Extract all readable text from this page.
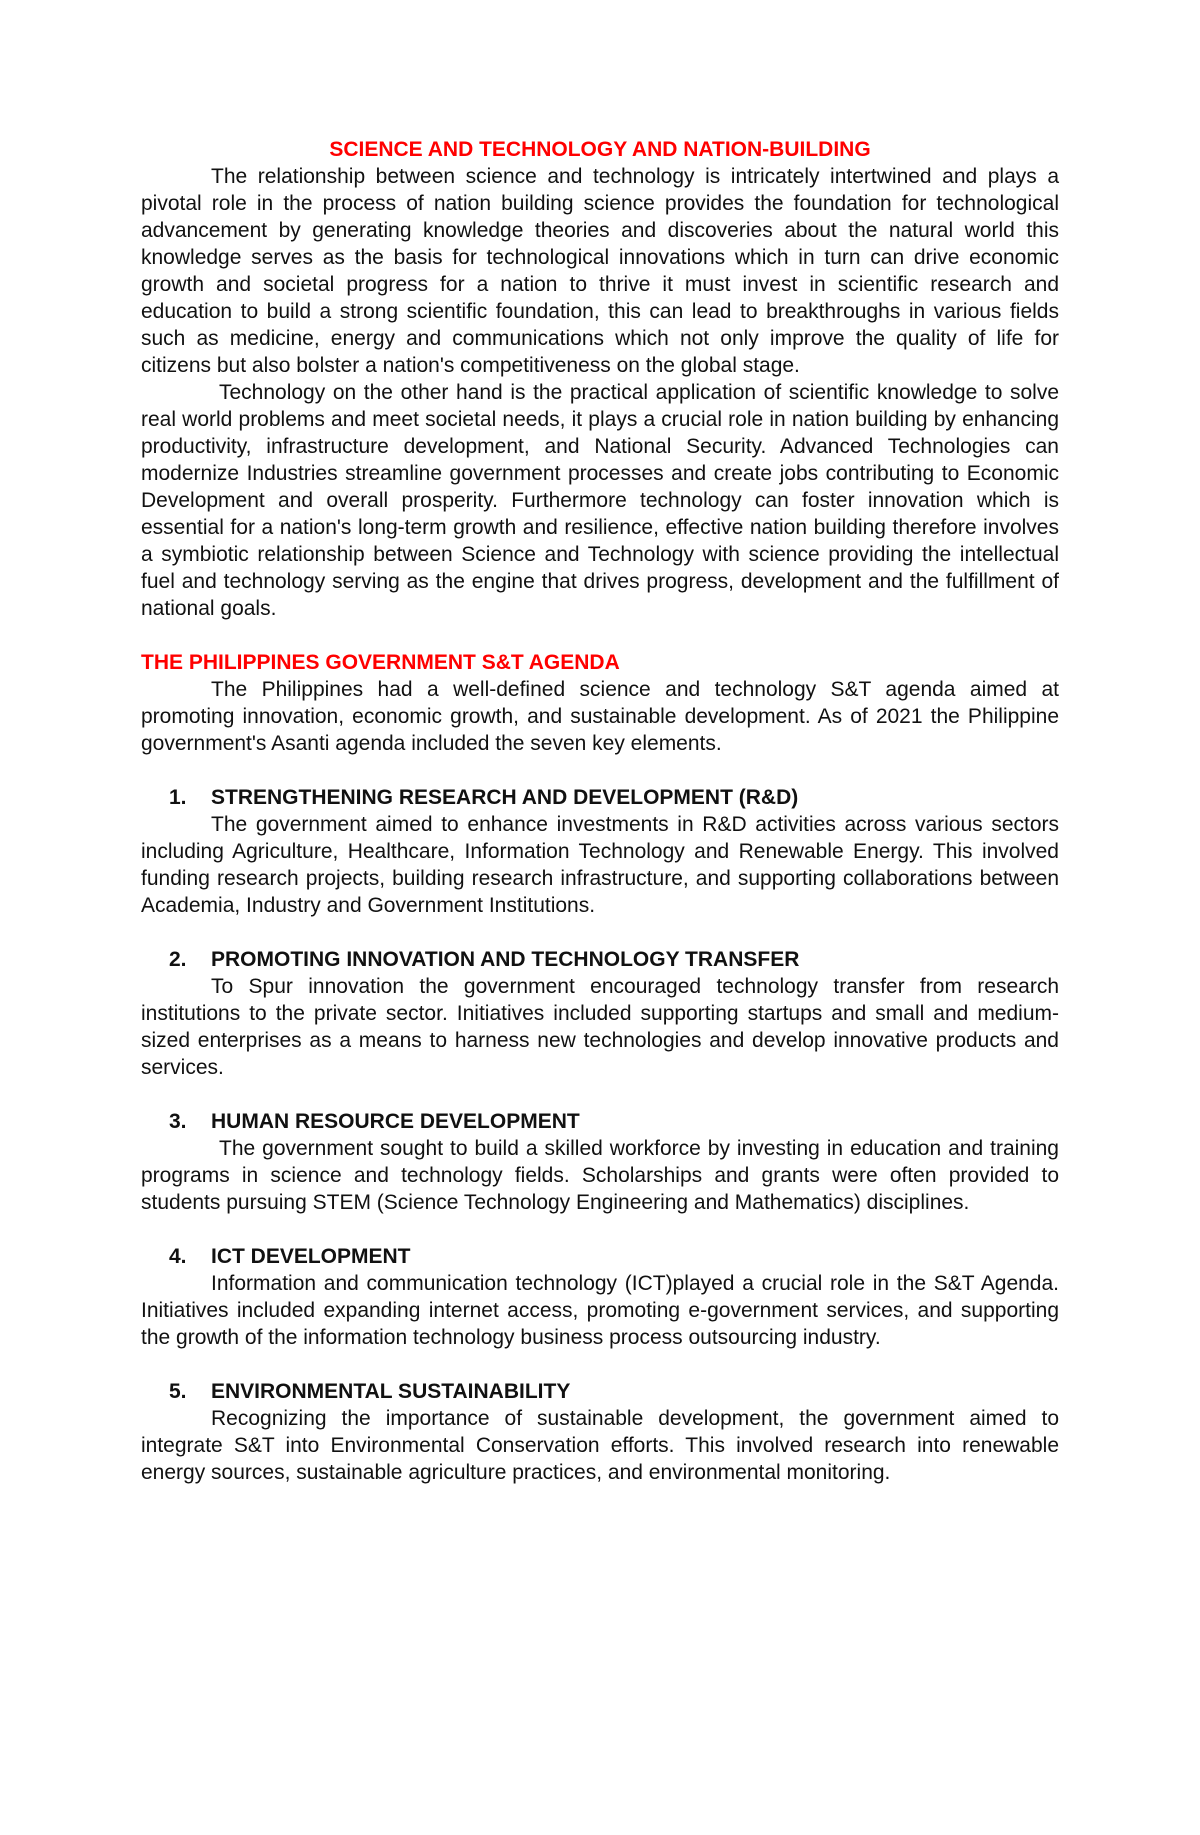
SCIENCE AND TECHNOLOGY AND NATION-BUILDING

The relationship between science and technology is intricately intertwined and plays a pivotal role in the process of nation building science provides the foundation for technological advancement by generating knowledge theories and discoveries about the natural world this knowledge serves as the basis for technological innovations which in turn can drive economic growth and societal progress for a nation to thrive it must invest in scientific research and education to build a strong scientific foundation, this can lead to breakthroughs in various fields such as medicine, energy and communications which not only improve the quality of life for citizens but also bolster a nation's competitiveness on the global stage.

Technology on the other hand is the practical application of scientific knowledge to solve real world problems and meet societal needs, it plays a crucial role in nation building by enhancing productivity, infrastructure development, and National Security. Advanced Technologies can modernize Industries streamline government processes and create jobs contributing to Economic Development and overall prosperity. Furthermore technology can foster innovation which is essential for a nation's long-term growth and resilience, effective nation building therefore involves a symbiotic relationship between Science and Technology with science providing the intellectual fuel and technology serving as the engine that drives progress, development and the fulfillment of national goals.

THE PHILIPPINES GOVERNMENT S&T AGENDA

The Philippines had a well-defined science and technology S&T agenda aimed at promoting innovation, economic growth, and sustainable development. As of 2021 the Philippine government's Asanti agenda included the seven key elements.

1.	STRENGTHENING RESEARCH AND DEVELOPMENT (R&D)

The government aimed to enhance investments in R&D activities across various sectors including Agriculture, Healthcare, Information Technology and Renewable Energy. This involved funding research projects, building research infrastructure, and supporting collaborations between Academia, Industry and Government Institutions.

2.	PROMOTING INNOVATION AND TECHNOLOGY TRANSFER

To Spur innovation the government encouraged technology transfer from research institutions to the private sector. Initiatives included supporting startups and small and medium-sized enterprises as a means to harness new technologies and develop innovative products and services.

3.	HUMAN RESOURCE DEVELOPMENT

The government sought to build a skilled workforce by investing in education and training programs in science and technology fields. Scholarships and grants were often provided to students pursuing STEM (Science Technology Engineering and Mathematics) disciplines.

4.	ICT DEVELOPMENT

Information and communication technology (ICT)played a crucial role in the S&T Agenda. Initiatives included expanding internet access, promoting e-government services, and supporting the growth of the information technology business process outsourcing industry.

5.	ENVIRONMENTAL SUSTAINABILITY

Recognizing the importance of sustainable development, the government aimed to integrate S&T into Environmental Conservation efforts. This involved research into renewable energy sources, sustainable agriculture practices, and environmental monitoring.
